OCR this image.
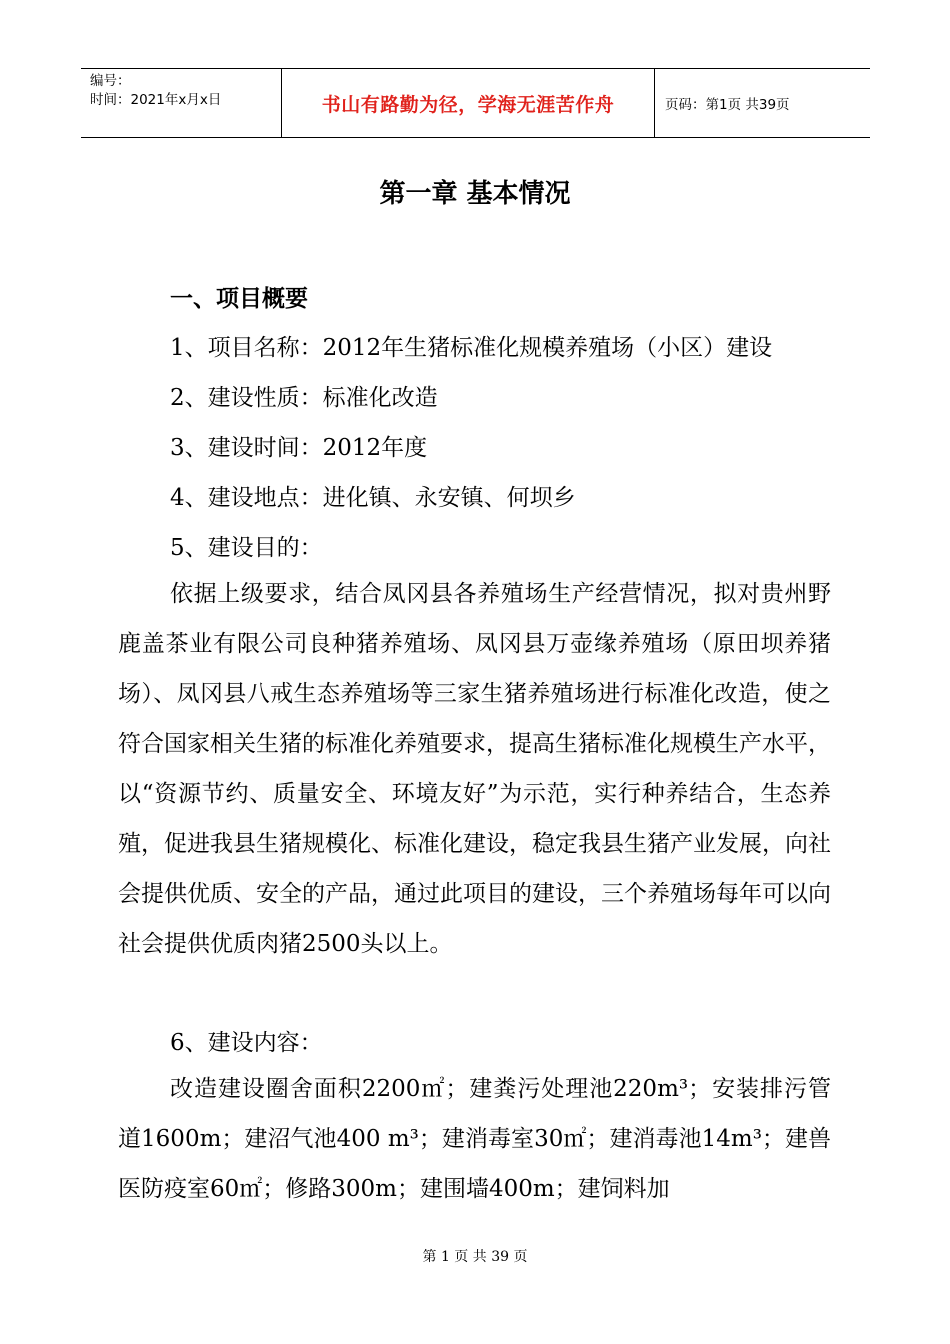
编号：
时间：2021年x月x日	书山有路勤为径，学海无涯苦作舟	页码：第1页 共39页
第一章 基本情况
一、项目概要
1、项目名称：2012年生猪标准化规模养殖场（小区）建设
2、建设性质：标准化改造
3、建设时间：2012年度
4、建设地点：进化镇、永安镇、何坝乡
5、建设目的：

依据上级要求，结合凤冈县各养殖场生产经营情况，拟对贵州野鹿盖茶业有限公司良种猪养殖场、凤冈县万壶缘养殖场（原田坝养猪场）、凤冈县八戒生态养殖场等三家生猪养殖场进行标准化改造，使之符合国家相关生猪的标准化养殖要求，提高生猪标准化规模生产水平，以“资源节约、质量安全、环境友好”为示范，实行种养结合，生态养殖，促进我县生猪规模化、标准化建设，稳定我县生猪产业发展，向社会提供优质、安全的产品，通过此项目的建设，三个养殖场每年可以向社会提供优质肉猪2500头以上。

6、建设内容：

改造建设圈舍面积2200㎡；建粪污处理池220m³；安装排污管道1600m；建沼气池400 m³；建消毒室30㎡；建消毒池14m³；建兽医防疫室60㎡；修路300m；建围墙400m；建饲料加

第 1 页 共 39 页
